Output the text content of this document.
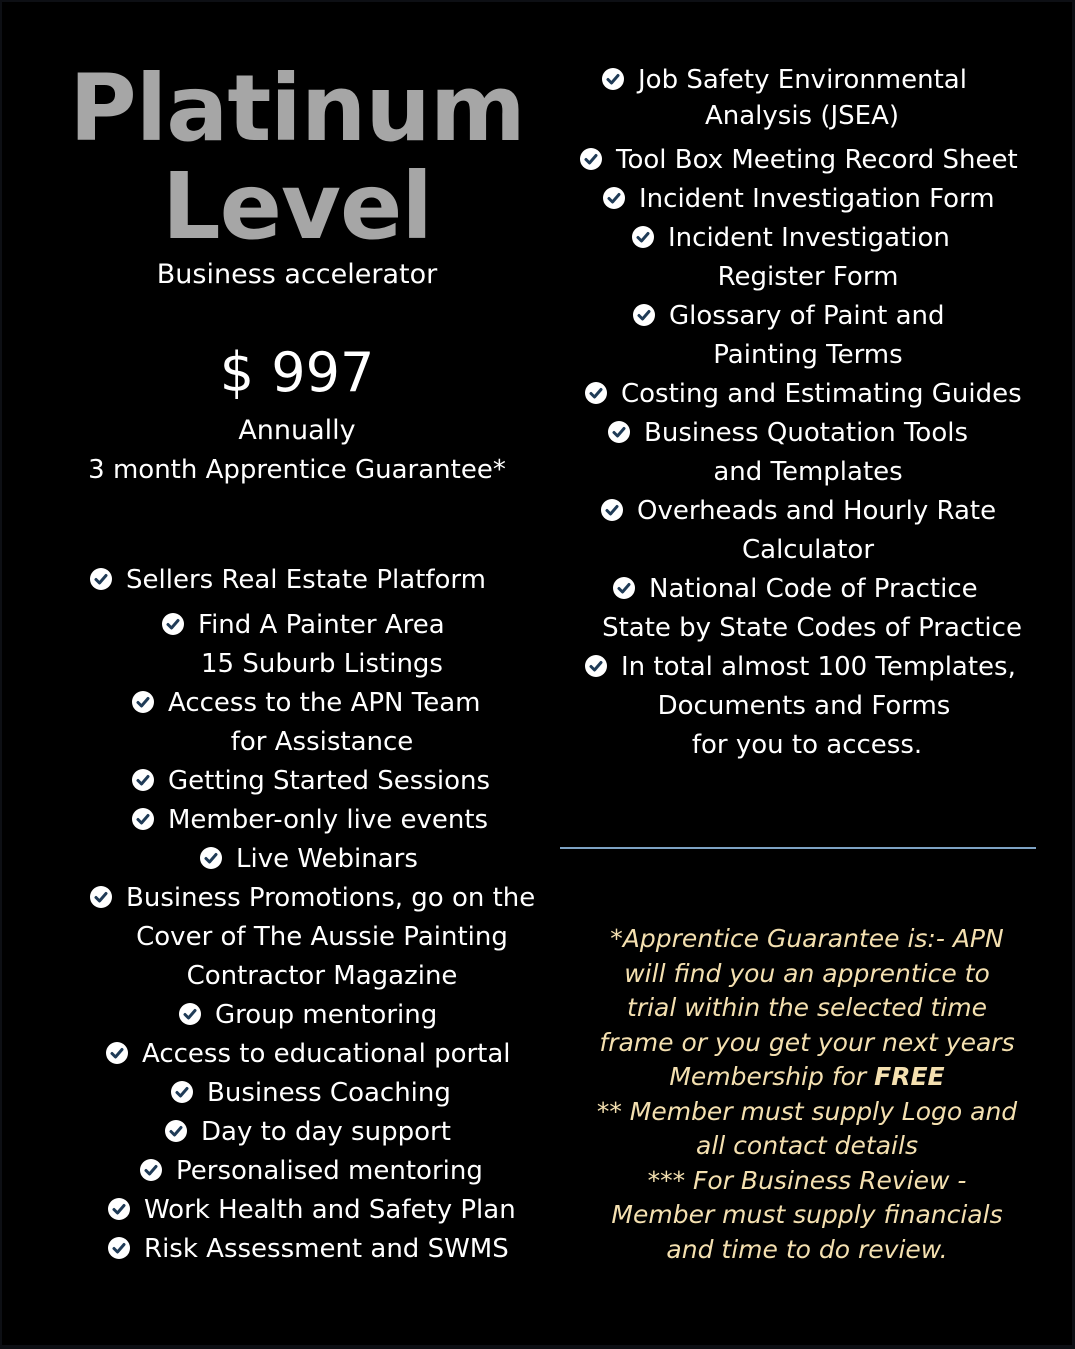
Platinum
Level
Business accelerator
$ 997
Annually
3 month Apprentice Guarantee*
Sellers Real Estate Platform
Find A Painter Area
15 Suburb Listings
Access to the APN Team
for Assistance
Getting Started Sessions
Member-only live events
Live Webinars
Business Promotions, go on the
Cover of The Aussie Painting
Contractor Magazine
Group mentoring
Access to educational portal
Business Coaching
Day to day support
Personalised mentoring
Work Health and Safety Plan
Risk Assessment and SWMS
Job Safety Environmental
Analysis (JSEA)
Tool Box Meeting Record Sheet
Incident Investigation Form
Incident Investigation
Register Form
Glossary of Paint and
Painting Terms
Costing and Estimating Guides
Business Quotation Tools
and Templates
Overheads and Hourly Rate
Calculator
National Code of Practice
State by State Codes of Practice
In total almost 100 Templates,
Documents and Forms
for you to access.
*Apprentice Guarantee is:- APN
will find you an apprentice to
trial within the selected time
frame or you get your next years
Membership for FREE
** Member must supply Logo and
all contact details
*** For Business Review -
Member must supply financials
and time to do review.
